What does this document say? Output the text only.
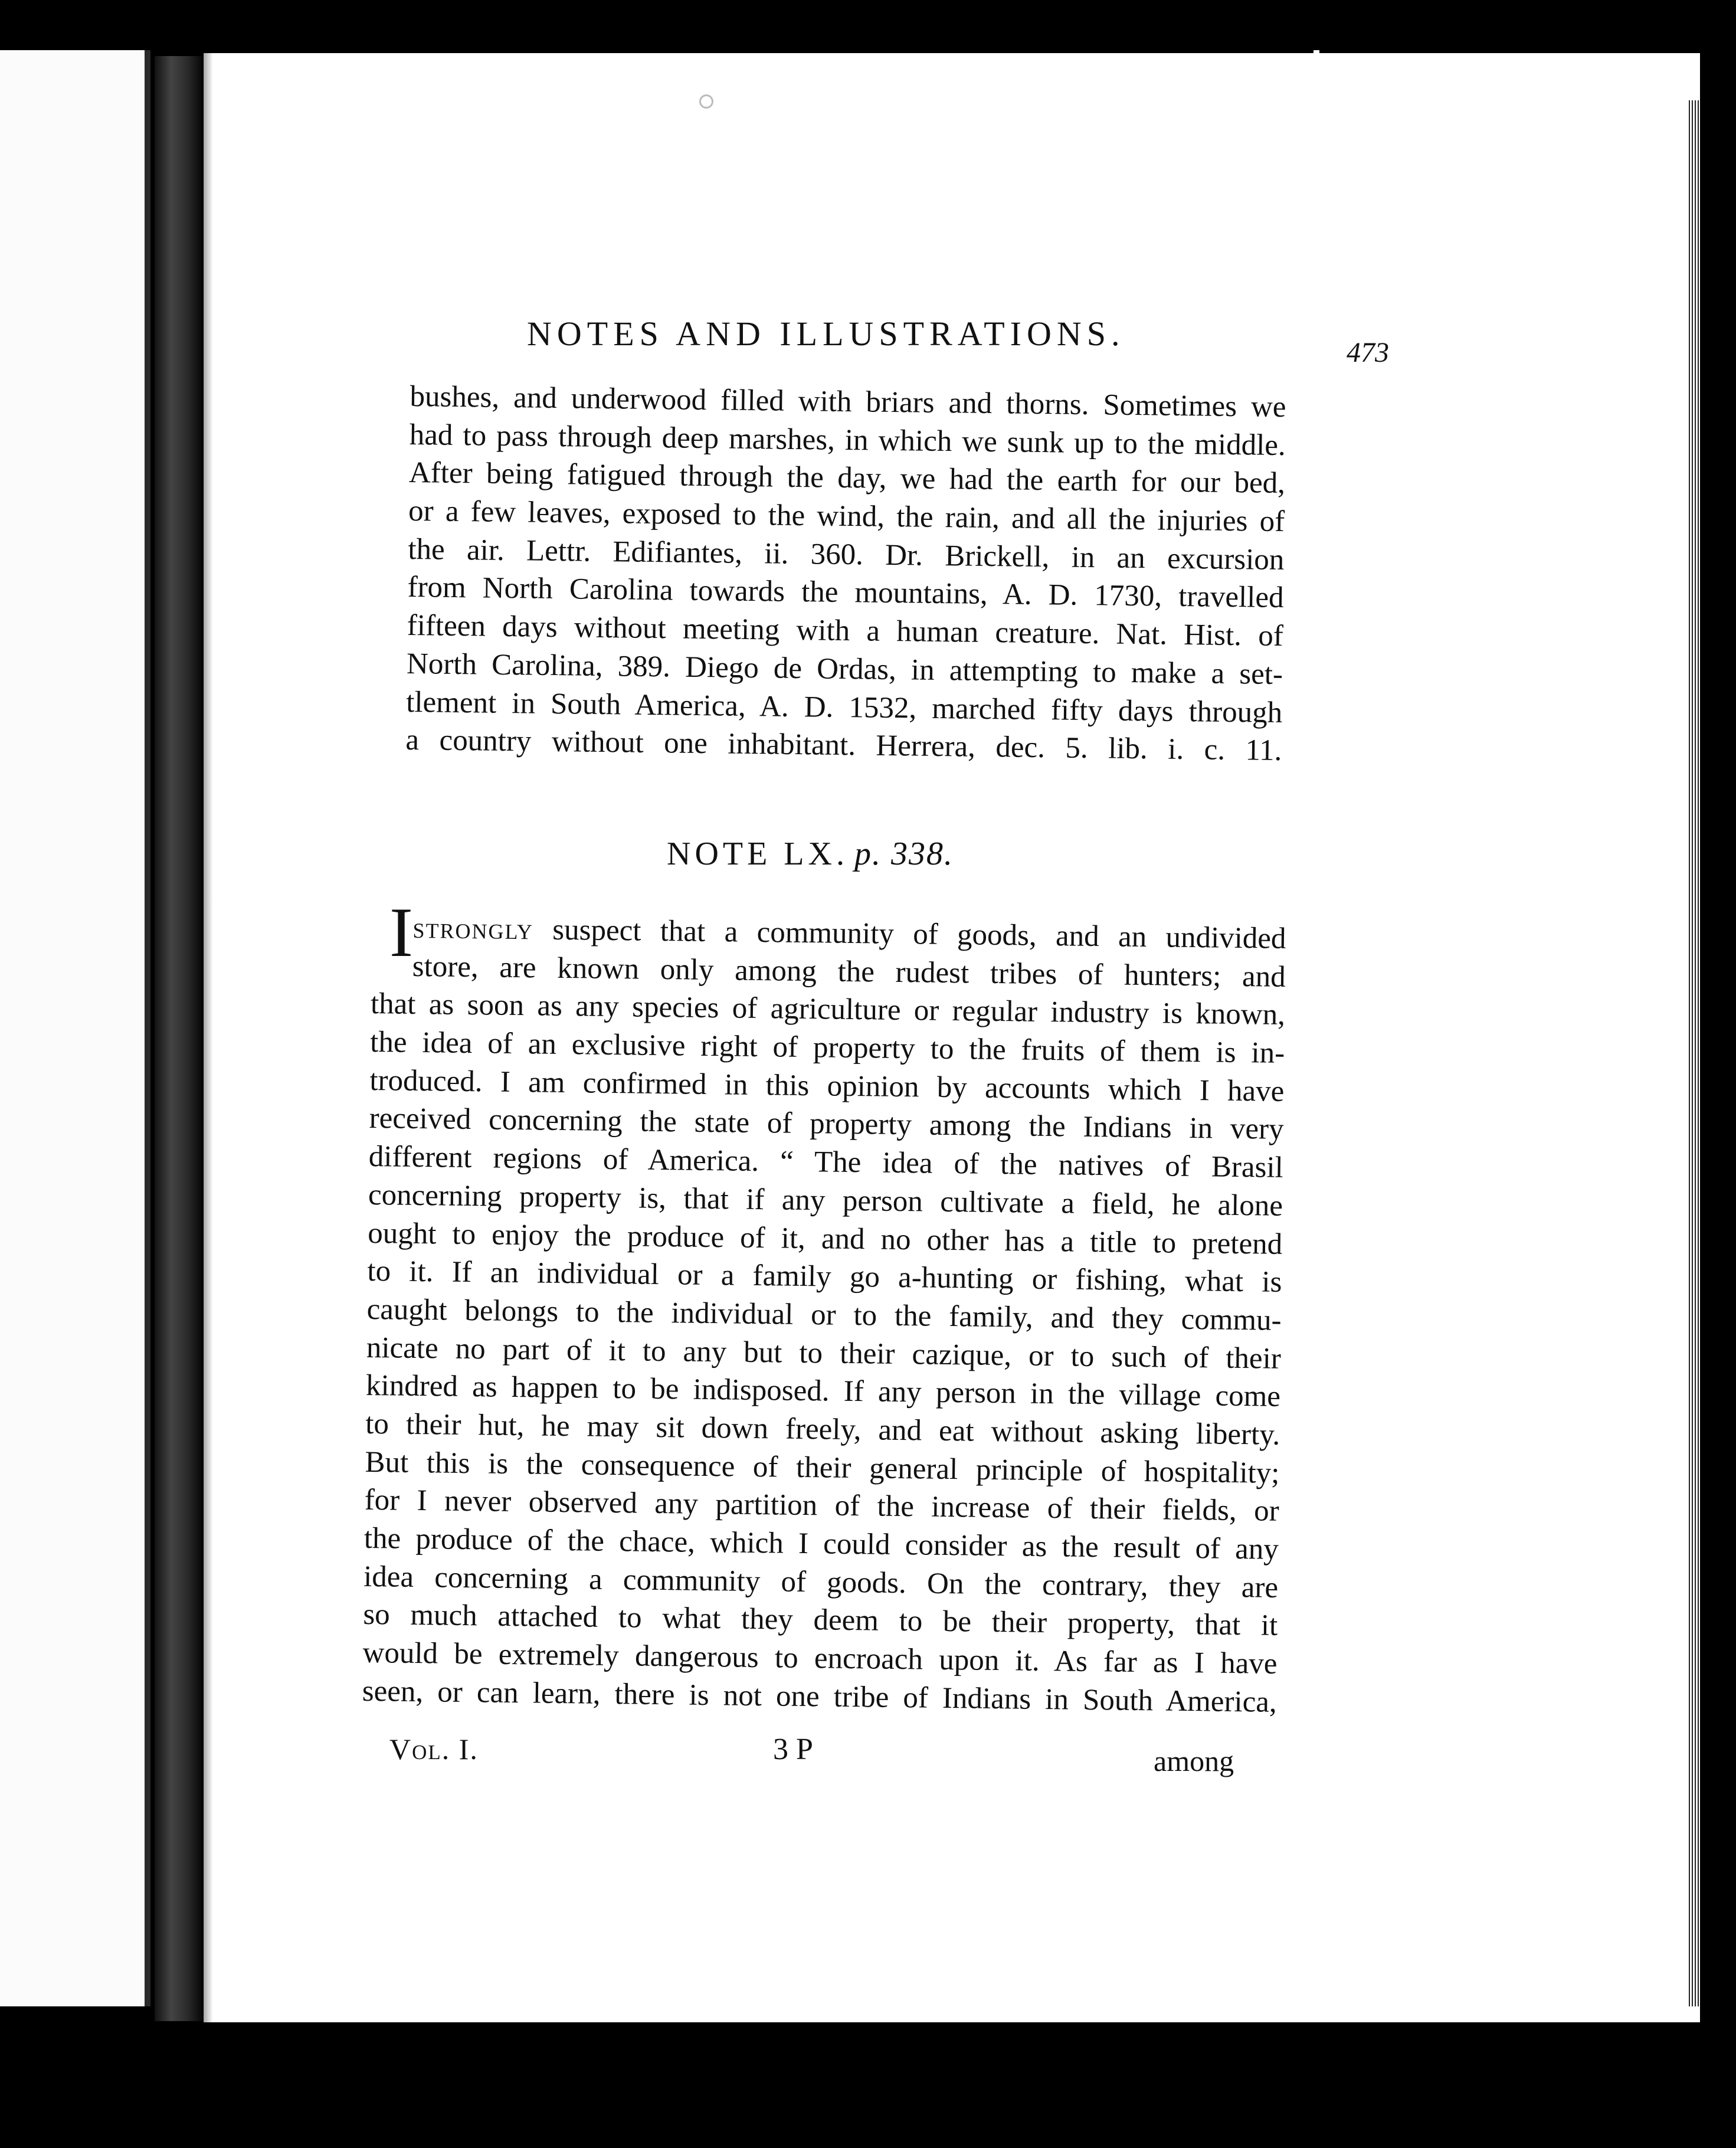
NOTES AND ILLUSTRATIONS.	473
bushes, and underwood filled with briars and thorns. Sometimes we
had to pass through deep marshes, in which we sunk up to the middle.
After being fatigued through the day, we had the earth for our bed,
or a few leaves, exposed to the wind, the rain, and all the injuries of
the air. Lettr. Edifiantes, ii. 360. Dr. Brickell, in an excursion
from North Carolina towards the mountains, A. D. 1730, travelled
fifteen days without meeting with a human creature. Nat. Hist. of
North Carolina, 389. Diego de Ordas, in attempting to make a set-
tlement in South America, A. D. 1532, marched fifty days through
a country without one inhabitant. Herrera, dec. 5. lib. i. c. 11.
NOTE LX. p. 338.
I strongly suspect that a community of goods, and an undivided
store, are known only among the rudest tribes of hunters; and
that as soon as any species of agriculture or regular industry is known,
the idea of an exclusive right of property to the fruits of them is in-
troduced. I am confirmed in this opinion by accounts which I have
received concerning the state of property among the Indians in very
different regions of America. “ The idea of the natives of Brasil
concerning property is, that if any person cultivate a field, he alone
ought to enjoy the produce of it, and no other has a title to pretend
to it. If an individual or a family go a-hunting or fishing, what is
caught belongs to the individual or to the family, and they commu-
nicate no part of it to any but to their cazique, or to such of their
kindred as happen to be indisposed. If any person in the village come
to their hut, he may sit down freely, and eat without asking liberty.
But this is the consequence of their general principle of hospitality;
for I never observed any partition of the increase of their fields, or
the produce of the chace, which I could consider as the result of any
idea concerning a community of goods. On the contrary, they are
so much attached to what they deem to be their property, that it
would be extremely dangerous to encroach upon it. As far as I have
seen, or can learn, there is not one tribe of Indians in South America,
Vol. I.	3 P	among
